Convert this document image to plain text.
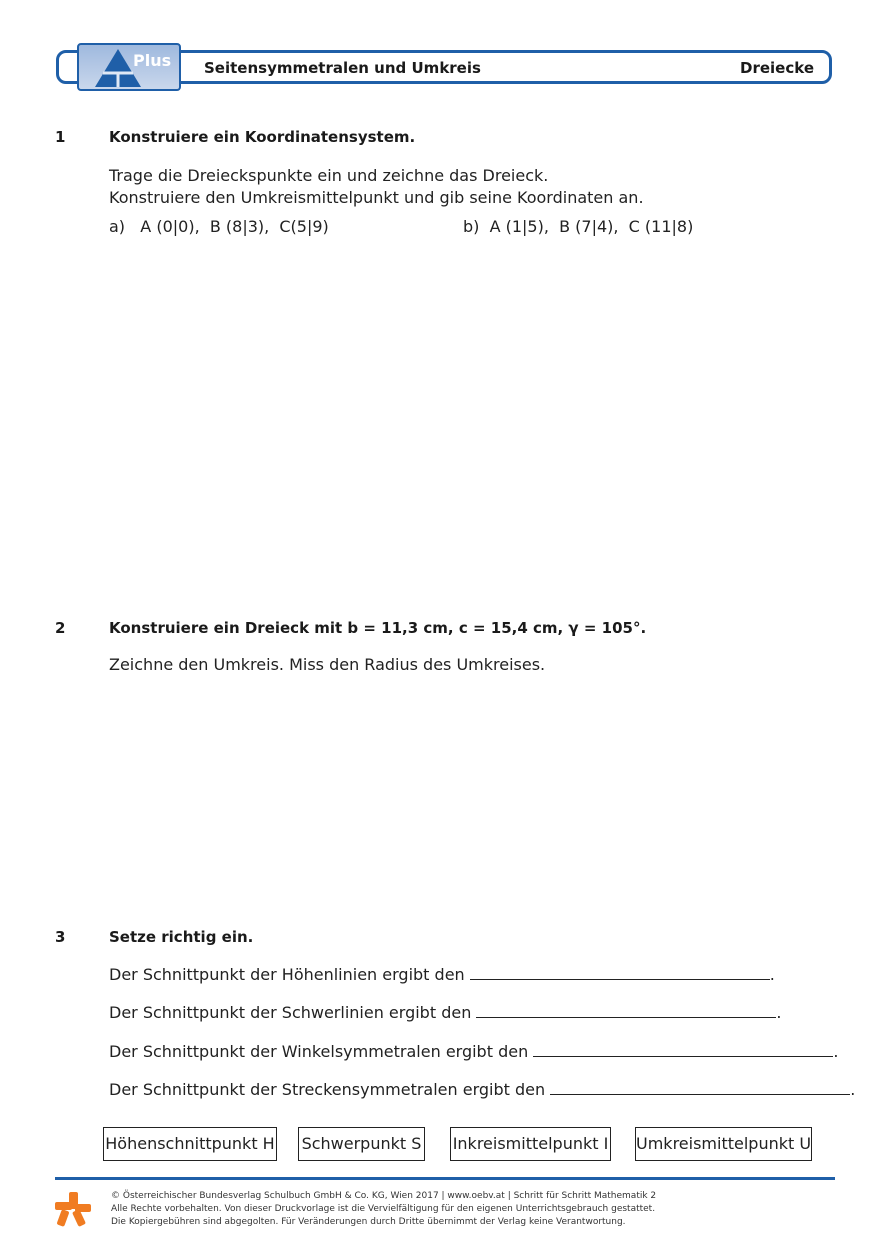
Plus Seitensymmetralen und Umkreis	Dreiecke
1	Konstruiere ein Koordinatensystem.
Trage die Dreieckspunkte ein und zeichne das Dreieck.
Konstruiere den Umkreismittelpunkt und gib seine Koordinaten an.
a)   A (0|0),  B (8|3),  C(5|9)	b)  A (1|5),  B (7|4),  C (11|8)
2	Konstruiere ein Dreieck mit b = 11,3 cm, c = 15,4 cm, γ = 105°.
Zeichne den Umkreis. Miss den Radius des Umkreises.
3	Setze richtig ein.
Der Schnittpunkt der Höhenlinien ergibt den	.
Der Schnittpunkt der Schwerlinien ergibt den	.
Der Schnittpunkt der Winkelsymmetralen ergibt den	.
Der Schnittpunkt der Streckensymmetralen ergibt den	.
Höhenschnittpunkt H Schwerpunkt S Inkreismittelpunkt I Umkreismittelpunkt U
© Österreichischer Bundesverlag Schulbuch GmbH & Co. KG, Wien 2017 | www.oebv.at | Schritt für Schritt Mathematik 2
Alle Rechte vorbehalten. Von dieser Druckvorlage ist die Vervielfältigung für den eigenen Unterrichtsgebrauch gestattet.
Die Kopiergebühren sind abgegolten. Für Veränderungen durch Dritte übernimmt der Verlag keine Verantwortung.
